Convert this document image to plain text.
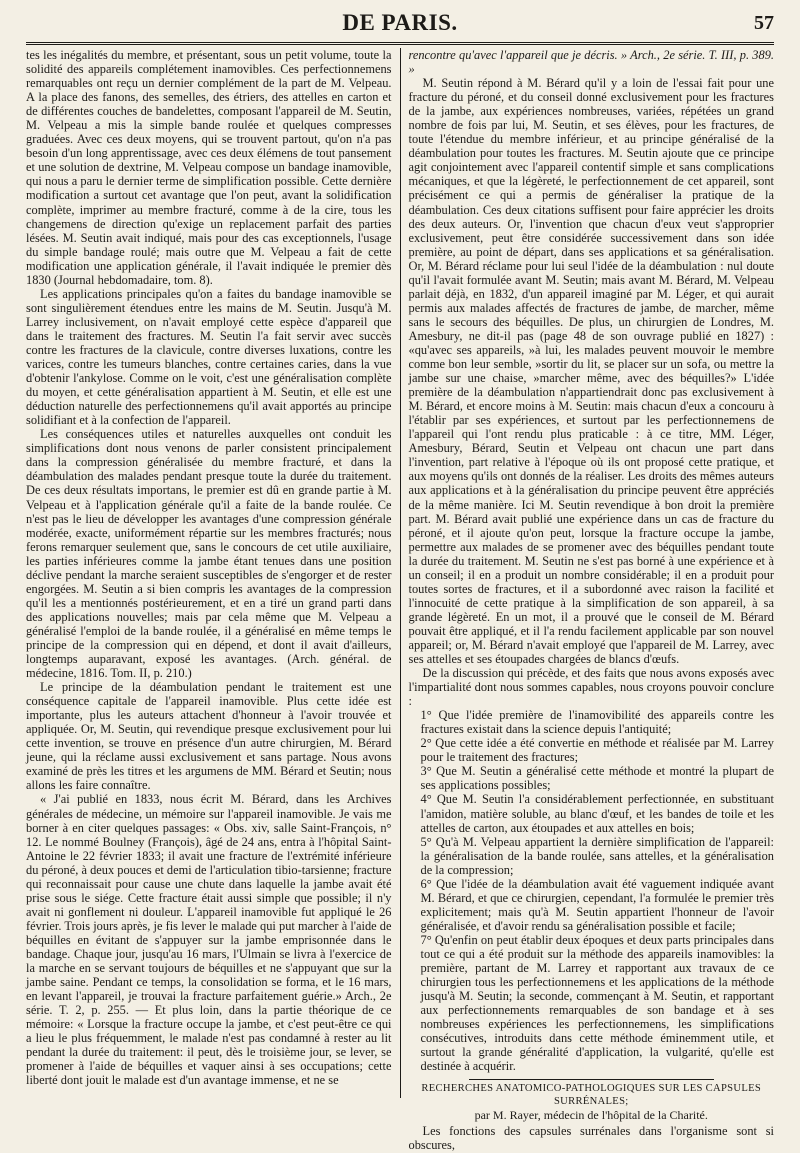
DE PARIS.	57

tes les inégalités du membre, et présentant, sous un petit volume, toute la solidité des appareils complétement inamovibles. Ces perfectionnemens remarquables ont reçu un dernier complément de la part de M. Velpeau. A la place des fanons, des semelles, des étriers, des attelles en carton et de différentes couches de bandelettes, composant l'appareil de M. Seutin, M. Velpeau a mis la simple bande roulée et quelques compresses graduées. Avec ces deux moyens, qui se trouvent partout, qu'on n'a pas besoin d'un long apprentissage, avec ces deux élémens de tout pansement et une solution de dextrine, M. Velpeau compose un bandage inamovible, qui nous a paru le dernier terme de simplification possible. Cette dernière modification a surtout cet avantage que l'on peut, avant la solidification complète, imprimer au membre fracturé, comme à de la cire, tous les changemens de direction qu'exige un replacement parfait des parties lésées. M. Seutin avait indiqué, mais pour des cas exceptionnels, l'usage du simple bandage roulé; mais outre que M. Velpeau a fait de cette modification une application générale, il l'avait indiquée le premier dès 1830 (Journal hebdomadaire, tom. 8).

Les applications principales qu'on a faites du bandage inamovible se sont singulièrement étendues entre les mains de M. Seutin. Jusqu'à M. Larrey inclusivement, on n'avait employé cette espèce d'appareil que dans le traitement des fractures. M. Seutin l'a fait servir avec succès contre les fractures de la clavicule, contre diverses luxations, contre les varices, contre les tumeurs blanches, contre certaines caries, dans la vue d'obtenir l'ankylose. Comme on le voit, c'est une généralisation complète du moyen, et cette généralisation appartient à M. Seutin, et elle est une déduction naturelle des perfectionnemens qu'il avait apportés au principe solidifiant et à la confection de l'appareil.

Les conséquences utiles et naturelles auxquelles ont conduit les simplifications dont nous venons de parler consistent principalement dans la compression généralisée du membre fracturé, et dans la déambulation des malades pendant presque toute la durée du traitement. De ces deux résultats importans, le premier est dû en grande partie à M. Velpeau et à l'application générale qu'il a faite de la bande roulée. Ce n'est pas le lieu de développer les avantages d'une compression générale modérée, exacte, uniformément répartie sur les membres fracturés; nous ferons remarquer seulement que, sans le concours de cet utile auxiliaire, les parties inférieures comme la jambe étant tenues dans une position déclive pendant la marche seraient susceptibles de s'engorger et de rester engorgées. M. Seutin a si bien compris les avantages de la compression qu'il les a mentionnés postérieurement, et en a tiré un grand parti dans des applications nouvelles; mais par cela même que M. Velpeau a généralisé l'emploi de la bande roulée, il a généralisé en même temps le principe de la compression qui en dépend, et dont il avait d'ailleurs, longtemps auparavant, exposé les avantages. (Arch. général. de médecine, 1816. Tom. II, p. 210.)

Le principe de la déambulation pendant le traitement est une conséquence capitale de l'appareil inamovible. Plus cette idée est importante, plus les auteurs attachent d'honneur à l'avoir trouvée et appliquée. Or, M. Seutin, qui revendique presque exclusivement pour lui cette invention, se trouve en présence d'un autre chirurgien, M. Bérard jeune, qui la réclame aussi exclusivement et sans partage. Nous avons examiné de près les titres et les argumens de MM. Bérard et Seutin; nous allons les faire connaître.

« J'ai publié en 1833, nous écrit M. Bérard, dans les Archives générales de médecine, un mémoire sur l'appareil inamovible. Je vais me borner à en citer quelques passages: « Obs. xiv, salle Saint-François, n° 12. Le nommé Boulney (François), âgé de 24 ans, entra à l'hôpital Saint-Antoine le 22 février 1833; il avait une fracture de l'extrémité inférieure du péroné, à deux pouces et demi de l'articulation tibio-tarsienne; fracture qui reconnaissait pour cause une chute dans laquelle la jambe avait été prise sous le siége. Cette fracture était aussi simple que possible; il n'y avait ni gonflement ni douleur. L'appareil inamovible fut appliqué le 26 février. Trois jours après, je fis lever le malade qui put marcher à l'aide de béquilles en évitant de s'appuyer sur la jambe emprisonnée dans le bandage. Chaque jour, jusqu'au 16 mars, l'Ulmain se livra à l'exercice de la marche en se servant toujours de béquilles et ne s'appuyant que sur la jambe saine. Pendant ce temps, la consolidation se forma, et le 16 mars, en levant l'appareil, je trouvai la fracture parfaitement guérie.» Arch., 2e série. T. 2, p. 255. — Et plus loin, dans la partie théorique de ce mémoire: « Lorsque la fracture occupe la jambe, et c'est peut-être ce qui a lieu le plus fréquemment, le malade n'est pas condamné à rester au lit pendant la durée du traitement: il peut, dès le troisième jour, se lever, se promener à l'aide de béquilles et vaquer ainsi à ses occupations; cette liberté dont jouit le malade est d'un avantage immense, et ne se

rencontre qu'avec l'appareil que je décris. » Arch., 2e série. T. III, p. 389. »

M. Seutin répond à M. Bérard qu'il y a loin de l'essai fait pour une fracture du péroné, et du conseil donné exclusivement pour les fractures de la jambe, aux expériences nombreuses, variées, répétées un grand nombre de fois par lui, M. Seutin, et ses élèves, pour les fractures, de toute l'étendue du membre inférieur, et au principe généralisé de la déambulation pour toutes les fractures. M. Seutin ajoute que ce principe agit conjointement avec l'appareil contentif simple et sans complications mécaniques, et que la légèreté, le perfectionnement de cet appareil, sont précisément ce qui a permis de généraliser la pratique de la déambulation. Ces deux citations suffisent pour faire apprécier les droits des deux auteurs. Or, l'invention que chacun d'eux veut s'approprier exclusivement, peut être considérée successivement dans son idée première, au point de départ, dans ses applications et sa généralisation. Or, M. Bérard réclame pour lui seul l'idée de la déambulation : nul doute qu'il l'avait formulée avant M. Seutin; mais avant M. Bérard, M. Velpeau parlait déjà, en 1832, d'un appareil imaginé par M. Léger, et qui aurait permis aux malades affectés de fractures de jambe, de marcher, même sans le secours des béquilles. De plus, un chirurgien de Londres, M. Amesbury, ne dit-il pas (page 48 de son ouvrage publié en 1827) : «qu'avec ses appareils, »à lui, les malades peuvent mouvoir le membre comme bon leur semble, »sortir du lit, se placer sur un sofa, ou mettre la jambe sur une chaise, »marcher même, avec des béquilles?» L'idée première de la déambulation n'appartiendrait donc pas exclusivement à M. Bérard, et encore moins à M. Seutin: mais chacun d'eux a concouru à l'établir par ses expériences, et surtout par les perfectionnemens de l'appareil qui l'ont rendu plus praticable : à ce titre, MM. Léger, Amesbury, Bérard, Seutin et Velpeau ont chacun une part dans l'invention, part relative à l'époque où ils ont proposé cette pratique, et aux moyens qu'ils ont donnés de la réaliser. Les droits des mêmes auteurs aux applications et à la généralisation du principe peuvent être appréciés de la même manière. Ici M. Seutin revendique à bon droit la première part. M. Bérard avait publié une expérience dans un cas de fracture du péroné, et il ajoute qu'on peut, lorsque la fracture occupe la jambe, permettre aux malades de se promener avec des béquilles pendant toute la durée du traitement. M. Seutin ne s'est pas borné à une expérience et à un conseil; il en a produit un nombre considérable; il en a produit pour toutes sortes de fractures, et il a subordonné avec raison la facilité et l'innocuité de cette pratique à la simplification de son appareil, à sa grande légèreté. En un mot, il a prouvé que le conseil de M. Bérard pouvait être appliqué, et il l'a rendu facilement applicable par son nouvel appareil; or, M. Bérard n'avait employé que l'appareil de M. Larrey, avec ses attelles et ses étoupades chargées de blancs d'œufs.

De la discussion qui précède, et des faits que nous avons exposés avec l'impartialité dont nous sommes capables, nous croyons pouvoir conclure :

1° Que l'idée première de l'inamovibilité des appareils contre les fractures existait dans la science depuis l'antiquité;

2° Que cette idée a été convertie en méthode et réalisée par M. Larrey pour le traitement des fractures;

3° Que M. Seutin a généralisé cette méthode et montré la plupart de ses applications possibles;

4° Que M. Seutin l'a considérablement perfectionnée, en substituant l'amidon, matière soluble, au blanc d'œuf, et les bandes de toile et les attelles de carton, aux étoupades et aux attelles en bois;

5° Qu'à M. Velpeau appartient la dernière simplification de l'appareil: la généralisation de la bande roulée, sans attelles, et la généralisation de la compression;

6° Que l'idée de la déambulation avait été vaguement indiquée avant M. Bérard, et que ce chirurgien, cependant, l'a formulée le premier très explicitement; mais qu'à M. Seutin appartient l'honneur de l'avoir généralisée, et d'avoir rendu sa généralisation possible et facile;

7° Qu'enfin on peut établir deux époques et deux parts principales dans tout ce qui a été produit sur la méthode des appareils inamovibles: la première, partant de M. Larrey et rapportant aux travaux de ce chirurgien tous les perfectionnemens et les applications de la méthode jusqu'à M. Seutin; la seconde, commençant à M. Seutin, et rapportant aux perfectionnements remarquables de son bandage et à ses nombreuses expériences les perfectionnemens, les simplifications consécutives, introduits dans cette méthode éminemment utile, et surtout la grande généralité d'application, la vulgarité, qu'elle est destinée à acquérir.

RECHERCHES ANATOMICO-PATHOLOGIQUES SUR LES CAPSULES SURRÉNALES;
par M. Rayer, médecin de l'hôpital de la Charité.

Les fonctions des capsules surrénales dans l'organisme sont si obscures,
